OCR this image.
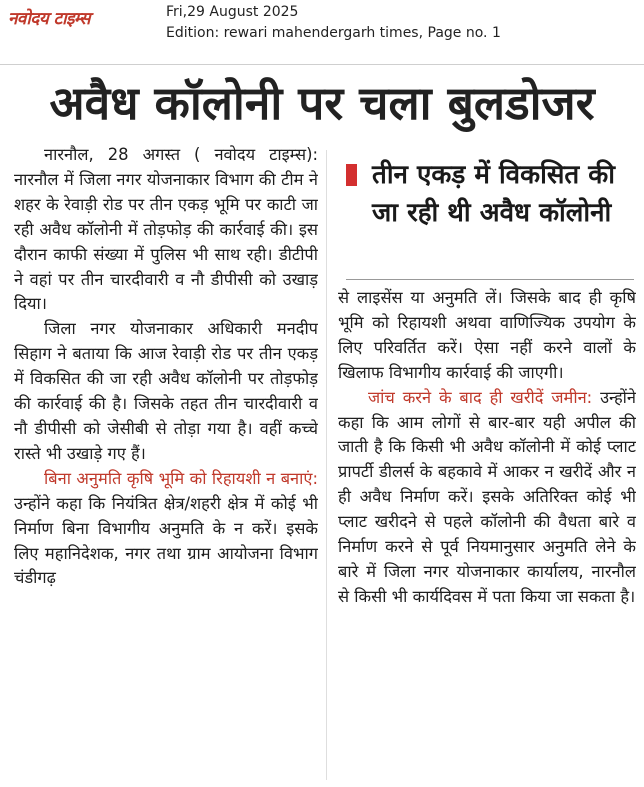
नवोदय टाइम्स	Fri,29 August 2025
Edition: rewari mahendergarh times, Page no. 1
अवैध कॉलोनी पर चला बुलडोजर

नारनौल, 28 अगस्त ( नवोदय टाइम्स): नारनौल में जिला नगर योजनाकार विभाग की टीम ने शहर के रेवाड़ी रोड पर तीन एकड़ भूमि पर काटी जा रही अवैध कॉलोनी में तोड़फोड़ की कार्रवाई की। इस दौरान काफी संख्या में पुलिस भी साथ रही। डीटीपी ने वहां पर तीन चारदीवारी व नौ डीपीसी को उखाड़ दिया।

जिला नगर योजनाकार अधिकारी मनदीप सिहाग ने बताया कि आज रेवाड़ी रोड पर तीन एकड़ में विकसित की जा रही अवैध कॉलोनी पर तोड़फोड़ की कार्रवाई की है। जिसके तहत तीन चारदीवारी व नौ डीपीसी को जेसीबी से तोड़ा गया है। वहीं कच्चे रास्ते भी उखाड़े गए हैं।

बिना अनुमति कृषि भूमि को रिहायशी न बनाएं: उन्होंने कहा कि नियंत्रित क्षेत्र/शहरी क्षेत्र में कोई भी निर्माण बिना विभागीय अनुमति के न करें। इसके लिए महानिदेशक, नगर तथा ग्राम आयोजना विभाग चंडीगढ़

तीन एकड़ में विकसित की जा रही थी अवैध कॉलोनी

से लाइसेंस या अनुमति लें। जिसके बाद ही कृषि भूमि को रिहायशी अथवा वाणिज्यिक उपयोग के लिए परिवर्तित करें। ऐसा नहीं करने वालों के खिलाफ विभागीय कार्रवाई की जाएगी।

जांच करने के बाद ही खरीदें जमीन: उन्होंने कहा कि आम लोगों से बार-बार यही अपील की जाती है कि किसी भी अवैध कॉलोनी में कोई प्लाट प्रापर्टी डीलर्स के बहकावे में आकर न खरीदें और न ही अवैध निर्माण करें। इसके अतिरिक्त कोई भी प्लाट खरीदने से पहले कॉलोनी की वैधता बारे व निर्माण करने से पूर्व नियमानुसार अनुमति लेने के बारे में जिला नगर योजनाकार कार्यालय, नारनौल से किसी भी कार्यदिवस में पता किया जा सकता है।
